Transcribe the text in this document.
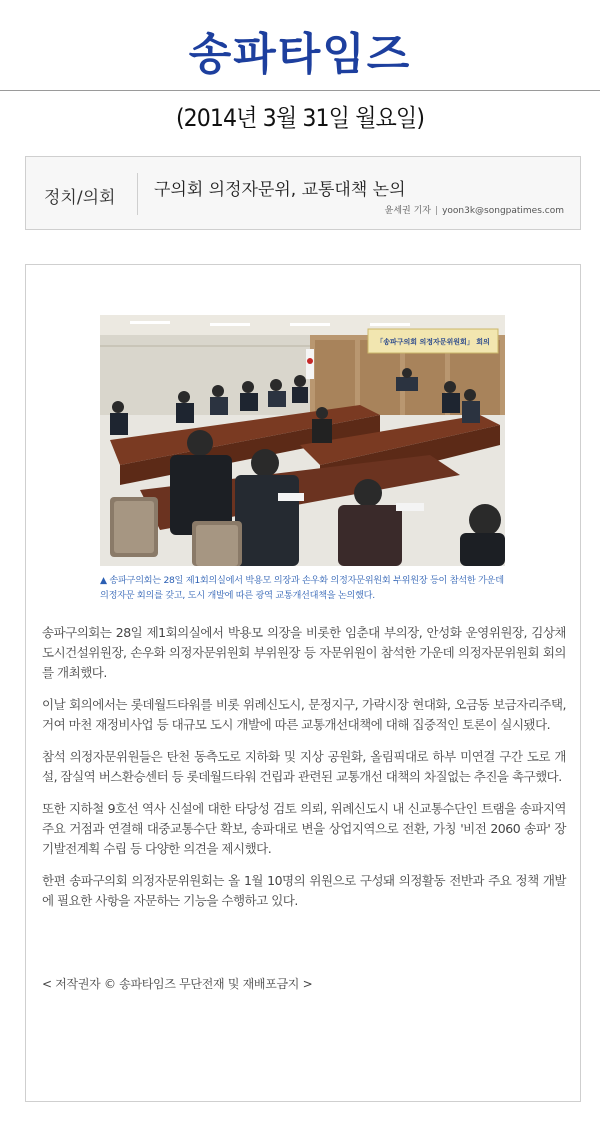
송파타임즈
(2014년 3월 31일 월요일)
정치/의회 구의회 의정자문위, 교통대책 논의
윤세권 기자 | yoon3k@songpatimes.com
「송파구의회 의정자문위원회」 회의
▲ 송파구의회는 28일 제1회의실에서 박용모 의장과 손우화 의정자문위원회 부위원장 등이 참석한 가운데 의정자문 회의를 갖고, 도시 개발에 따른 광역 교통개선대책을 논의했다.

송파구의회는 28일 제1회의실에서 박용모 의장을 비롯한 임춘대 부의장, 안성화 운영위원장, 김상채 도시건설위원장, 손우화 의정자문위원회 부위원장 등 자문위원이 참석한 가운데 의정자문위원회 회의를 개최했다.

이날 회의에서는 롯데월드타워를 비롯 위례신도시, 문정지구, 가락시장 현대화, 오금동 보금자리주택, 거여 마천 재정비사업 등 대규모 도시 개발에 따른 교통개선대책에 대해 집중적인 토론이 실시됐다.

참석 의정자문위원들은 탄천 동측도로 지하화 및 지상 공원화, 올림픽대로 하부 미연결 구간 도로 개설, 잠실역 버스환승센터 등 롯데월드타워 건립과 관련된 교통개선 대책의 차질없는 추진을 촉구했다.

또한 지하철 9호선 역사 신설에 대한 타당성 검토 의뢰, 위례신도시 내 신교통수단인 트램을 송파지역 주요 거점과 연결해 대중교통수단 확보, 송파대로 변을 상업지역으로 전환, 가칭 '비전 2060 송파' 장기발전계획 수립 등 다양한 의견을 제시했다.

한편 송파구의회 의정자문위원회는 올 1월 10명의 위원으로 구성돼 의정활동 전반과 주요 정책 개발에 필요한 사항을 자문하는 기능을 수행하고 있다.

< 저작권자 © 송파타임즈 무단전재 및 재배포금지 >
